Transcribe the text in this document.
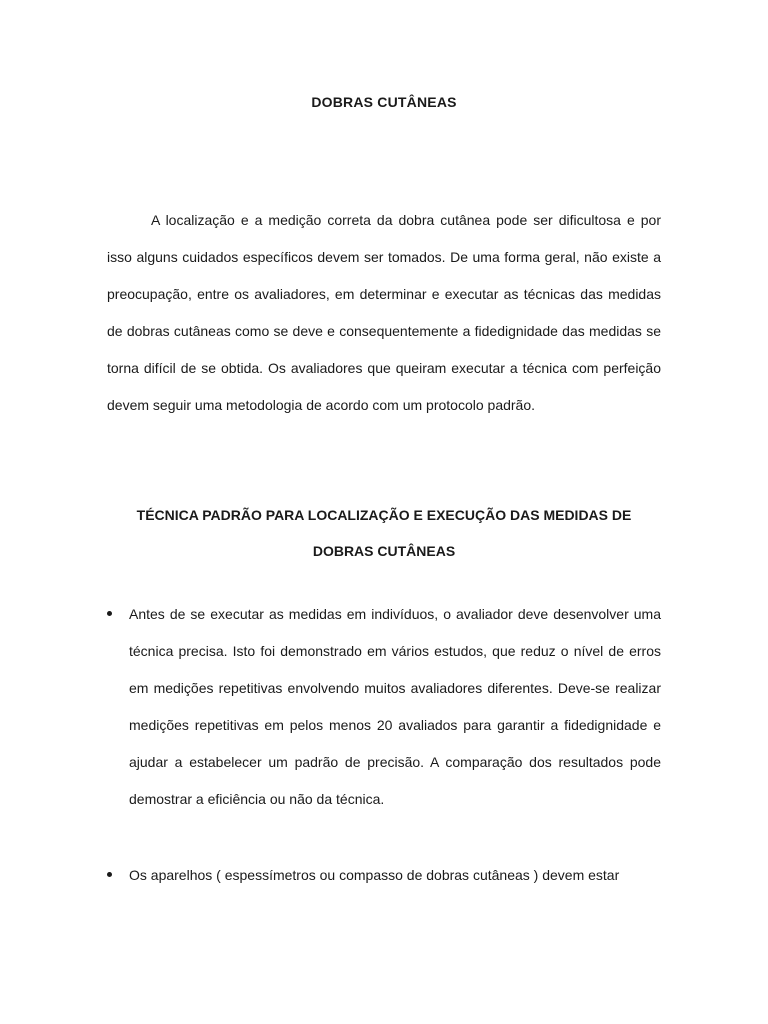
DOBRAS CUTÂNEAS

A localização e a medição correta da dobra cutânea pode ser dificultosa e por isso alguns cuidados específicos devem ser tomados. De uma forma geral, não existe a preocupação, entre os avaliadores, em determinar e executar as técnicas das medidas de dobras cutâneas como se deve e consequentemente a fidedignidade das medidas se torna difícil de se obtida. Os avaliadores que queiram executar a técnica com perfeição devem seguir uma metodologia de acordo com um protocolo padrão.

TÉCNICA PADRÃO PARA LOCALIZAÇÃO E EXECUÇÃO DAS MEDIDAS DE DOBRAS CUTÂNEAS

Antes de se executar as medidas em indivíduos, o avaliador deve desenvolver uma técnica precisa. Isto foi demonstrado em vários estudos, que reduz o nível de erros em medições repetitivas envolvendo muitos avaliadores diferentes. Deve-se realizar medições repetitivas em pelos menos 20 avaliados para garantir a fidedignidade e ajudar a estabelecer um padrão de precisão. A comparação dos resultados pode demostrar a eficiência ou não da técnica.
Os aparelhos ( espessímetros ou compasso de dobras cutâneas ) devem estar
